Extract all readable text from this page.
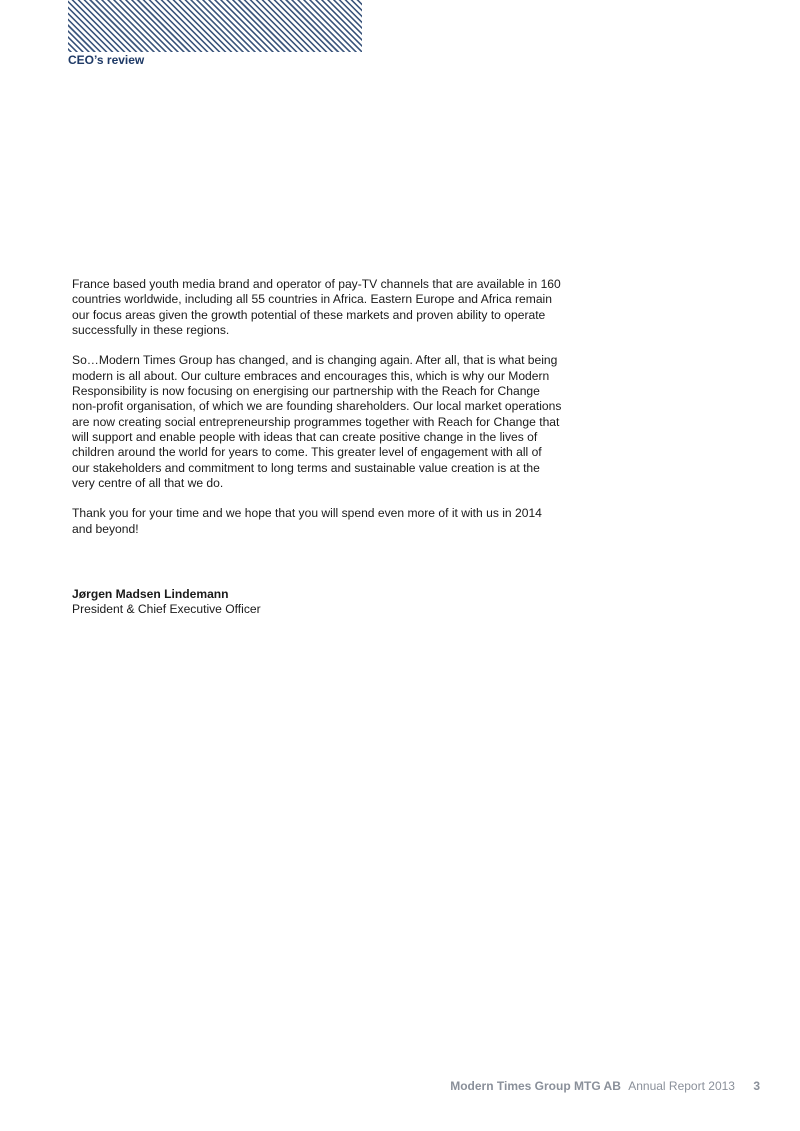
CEO’s review

France based youth media brand and operator of pay-TV channels that are available in 160 countries worldwide, including all 55 countries in Africa. Eastern Europe and Africa remain our focus areas given the growth potential of these markets and proven ability to operate successfully in these regions.

So…Modern Times Group has changed, and is changing again. After all, that is what being modern is all about. Our culture embraces and encourages this, which is why our Modern Responsibility is now focusing on energising our partnership with the Reach for Change non-profit organisation, of which we are founding shareholders. Our local market operations are now creating social entrepreneurship programmes together with Reach for Change that will support and enable people with ideas that can create positive change in the lives of children around the world for years to come. This greater level of engagement with all of our stakeholders and commitment to long terms and sustainable value creation is at the very centre of all that we do.

Thank you for your time and we hope that you will spend even more of it with us in 2014 and beyond!

Jørgen Madsen Lindemann
President & Chief Executive Officer
Modern Times Group MTG AB Annual Report 2013 3
